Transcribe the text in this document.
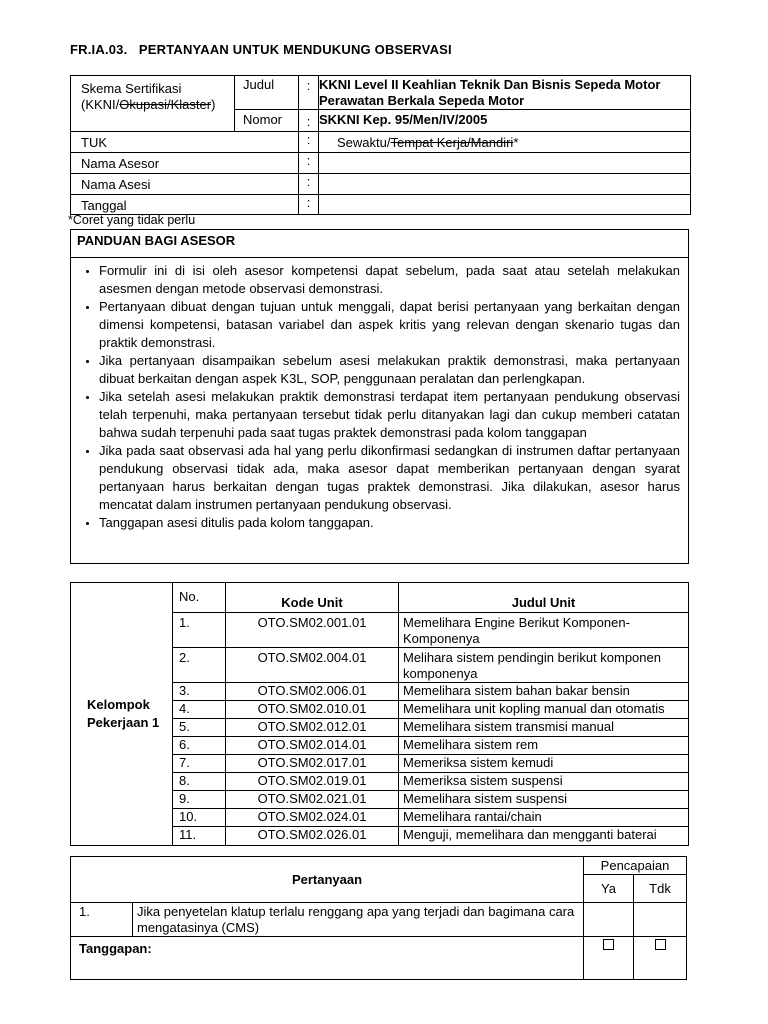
FR.IA.03. PERTANYAAN UNTUK MENDUKUNG OBSERVASI
Skema Sertifikasi
(KKNI/Okupasi/Klaster)	Judul	:	KKNI Level II Keahlian Teknik Dan Bisnis Sepeda Motor Perawatan Berkala Sepeda Motor
	Nomor	:	SKKNI Kep. 95/Men/IV/2005
TUK		:	Sewaktu/Tempat Kerja/Mandiri*
Nama Asesor		:	
Nama Asesi		:	
Tanggal		:	
*Coret yang tidak perlu
PANDUAN BAGI ASESOR
• Formulir ini di isi oleh asesor kompetensi dapat sebelum, pada saat atau setelah melakukan asesmen dengan metode observasi demonstrasi.
• Pertanyaan dibuat dengan tujuan untuk menggali, dapat berisi pertanyaan yang berkaitan dengan dimensi kompetensi, batasan variabel dan aspek kritis yang relevan dengan skenario tugas dan praktik demonstrasi.
• Jika pertanyaan disampaikan sebelum asesi melakukan praktik demonstrasi, maka pertanyaan dibuat berkaitan dengan aspek K3L, SOP, penggunaan peralatan dan perlengkapan.
• Jika setelah asesi melakukan praktik demonstrasi terdapat item pertanyaan pendukung observasi telah terpenuhi, maka pertanyaan tersebut tidak perlu ditanyakan lagi dan cukup memberi catatan bahwa sudah terpenuhi pada saat tugas praktek demonstrasi pada kolom tanggapan
• Jika pada saat observasi ada hal yang perlu dikonfirmasi sedangkan di instrumen daftar pertanyaan pendukung observasi tidak ada, maka asesor dapat memberikan pertanyaan dengan syarat pertanyaan harus berkaitan dengan tugas praktek demonstrasi. Jika dilakukan, asesor harus mencatat dalam instrumen pertanyaan pendukung observasi.
• Tanggapan asesi ditulis pada kolom tanggapan.
Kelompok Pekerjaan 1	No.	Kode Unit	Judul Unit
	1.	OTO.SM02.001.01	Memelihara Engine Berikut Komponen-Komponenya
	2.	OTO.SM02.004.01	Melihara sistem pendingin berikut komponen komponenya
	3.	OTO.SM02.006.01	Memelihara sistem bahan bakar bensin
	4.	OTO.SM02.010.01	Memelihara unit kopling manual dan otomatis
	5.	OTO.SM02.012.01	Memelihara sistem transmisi manual
	6.	OTO.SM02.014.01	Memelihara sistem rem
	7.	OTO.SM02.017.01	Memeriksa sistem kemudi
	8.	OTO.SM02.019.01	Memeriksa sistem suspensi
	9.	OTO.SM02.021.01	Memelihara sistem suspensi
	10.	OTO.SM02.024.01	Memelihara rantai/chain
	11.	OTO.SM02.026.01	Menguji, memelihara dan mengganti baterai
Pertanyaan		Pencapaian	
		Ya	Tdk
1.	Jika penyetelan klatup terlalu renggang apa yang terjadi dan bagimana cara mengatasinya (CMS)		
Tanggapan:			
